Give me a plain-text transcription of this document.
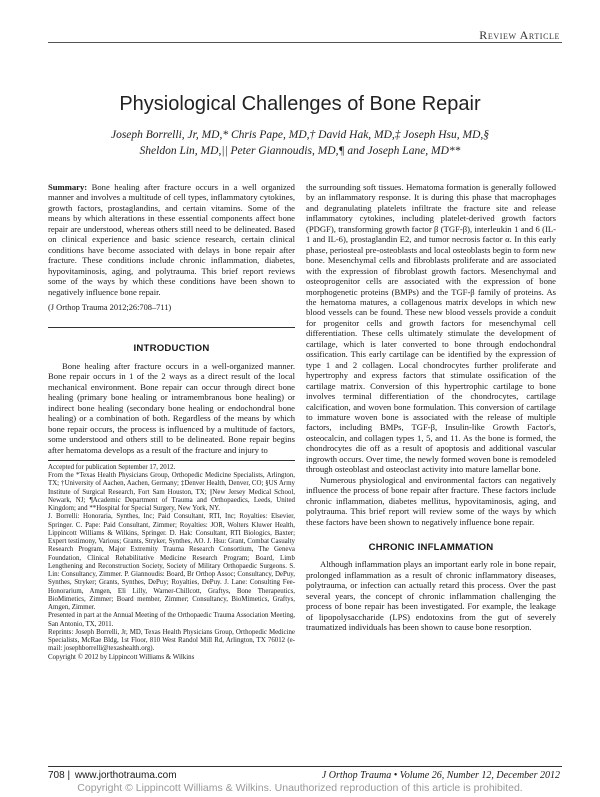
Review Article
Physiological Challenges of Bone Repair
Joseph Borrelli, Jr, MD,* Chris Pape, MD,† David Hak, MD,‡ Joseph Hsu, MD,§
Sheldon Lin, MD,|| Peter Giannoudis, MD,¶ and Joseph Lane, MD**
Summary: Bone healing after fracture occurs in a well organized manner and involves a multitude of cell types, inflammatory cytokines, growth factors, prostaglandins, and certain vitamins. Some of the means by which alterations in these essential components affect bone repair are understood, whereas others still need to be delineated. Based on clinical experience and basic science research, certain clinical conditions have become associated with delays in bone repair after fracture. These conditions include chronic inflammation, diabetes, hypovitaminosis, aging, and polytrauma. This brief report reviews some of the ways by which these conditions have been shown to negatively influence bone repair.
(J Orthop Trauma 2012;26:708–711)
INTRODUCTION

Bone healing after fracture occurs in a well-organized manner. Bone repair occurs in 1 of the 2 ways as a direct result of the local mechanical environment. Bone repair can occur through direct bone healing (primary bone healing or intramembranous bone healing) or indirect bone healing (secondary bone healing or endochondral bone healing) or a combination of both. Regardless of the means by which bone repair occurs, the process is influenced by a multitude of factors, some understood and others still to be delineated. Bone repair begins after hematoma develops as a result of the fracture and injury to

Accepted for publication September 17, 2012.
From the *Texas Health Physicians Group, Orthopedic Medicine Specialists, Arlington, TX; †University of Aachen, Aachen, Germany; ‡Denver Health, Denver, CO; §US Army Institute of Surgical Research, Fort Sam Houston, TX; ||New Jersey Medical School, Newark, NJ; ¶Academic Department of Trauma and Orthopaedics, Leeds, United Kingdom; and **Hospital for Special Surgery, New York, NY.
J. Borrelli: Honoraria, Synthes, Inc; Paid Consultant, RTI, Inc; Royalties: Elsevier, Springer. C. Pape: Paid Consultant, Zimmer; Royalties: JOR, Wolters Kluwer Health, Lippincott Williams & Wilkins, Springer. D. Hak: Consultant, RTI Biologics, Baxter; Expert testimony, Various; Grants, Stryker, Synthes, AO. J. Hsu: Grant, Combat Casualty Research Program, Major Extremity Trauma Research Consortium, The Geneva Foundation, Clinical Rehabilitative Medicine Research Program; Board, Limb Lengthening and Reconstruction Society, Society of Military Orthopaedic Surgeons. S. Lin: Consultancy, Zimmer. P. Giannoudis: Board, Br Orthop Assoc; Consultancy, DePuy, Synthes, Stryker; Grants, Synthes, DePuy; Royalties, DePuy. J. Lane: Consulting Fee-Honorarium, Amgen, Eli Lilly, Warner-Chillcott, Graftys, Bone Therapeutics, BioMimetics, Zimmer; Board member, Zimmer; Consultancy, BioMimetics, Graftys, Amgen, Zimmer.
Presented in part at the Annual Meeting of the Orthopaedic Trauma Association Meeting, San Antonio, TX, 2011.
Reprints: Joseph Borrelli, Jr, MD, Texas Health Physicians Group, Orthopedic Medicine Specialists, McRae Bldg, 1st Floor, 810 West Randol Mill Rd, Arlington, TX 76012 (e-mail: josephborrelli@texashealth.org).
Copyright © 2012 by Lippincott Williams & Wilkins

the surrounding soft tissues. Hematoma formation is generally followed by an inflammatory response. It is during this phase that macrophages and degranulating platelets infiltrate the fracture site and release inflammatory cytokines, including platelet-derived growth factors (PDGF), transforming growth factor β (TGF-β), interleukin 1 and 6 (IL-1 and IL-6), prostaglandin E2, and tumor necrosis factor α. In this early phase, periosteal pre-osteoblasts and local osteoblasts begin to form new bone. Mesenchymal cells and fibroblasts proliferate and are associated with the expression of fibroblast growth factors. Mesenchymal and osteoprogenitor cells are associated with the expression of bone morphogenetic proteins (BMPs) and the TGF-β family of proteins. As the hematoma matures, a collagenous matrix develops in which new blood vessels can be found. These new blood vessels provide a conduit for progenitor cells and growth factors for mesenchymal cell differentiation. These cells ultimately stimulate the development of cartilage, which is later converted to bone through endochondral ossification. This early cartilage can be identified by the expression of type 1 and 2 collagen. Local chondrocytes further proliferate and hypertrophy and express factors that stimulate ossification of the cartilage matrix. Conversion of this hypertrophic cartilage to bone involves terminal differentiation of the chondrocytes, cartilage calcification, and woven bone formulation. This conversion of cartilage to immature woven bone is associated with the release of multiple factors, including BMPs, TGF-β, Insulin-like Growth Factor's, osteocalcin, and collagen types 1, 5, and 11. As the bone is formed, the chondrocytes die off as a result of apoptosis and additional vascular ingrowth occurs. Over time, the newly formed woven bone is remodeled through osteoblast and osteoclast activity into mature lamellar bone.

Numerous physiological and environmental factors can negatively influence the process of bone repair after fracture. These factors include chronic inflammation, diabetes mellitus, hypovitaminosis, aging, and polytrauma. This brief report will review some of the ways by which these factors have been shown to negatively influence bone repair.

CHRONIC INFLAMMATION

Although inflammation plays an important early role in bone repair, prolonged inflammation as a result of chronic inflammatory diseases, polytrauma, or infection can actually retard this process. Over the past several years, the concept of chronic inflammation challenging the process of bone repair has been investigated. For example, the leakage of lipopolysaccharide (LPS) endotoxins from the gut of severely traumatized individuals has been shown to cause bone resorption.

708 | www.jorthotrauma.com	J Orthop Trauma • Volume 26, Number 12, December 2012
Copyright © Lippincott Williams & Wilkins. Unauthorized reproduction of this article is prohibited.
